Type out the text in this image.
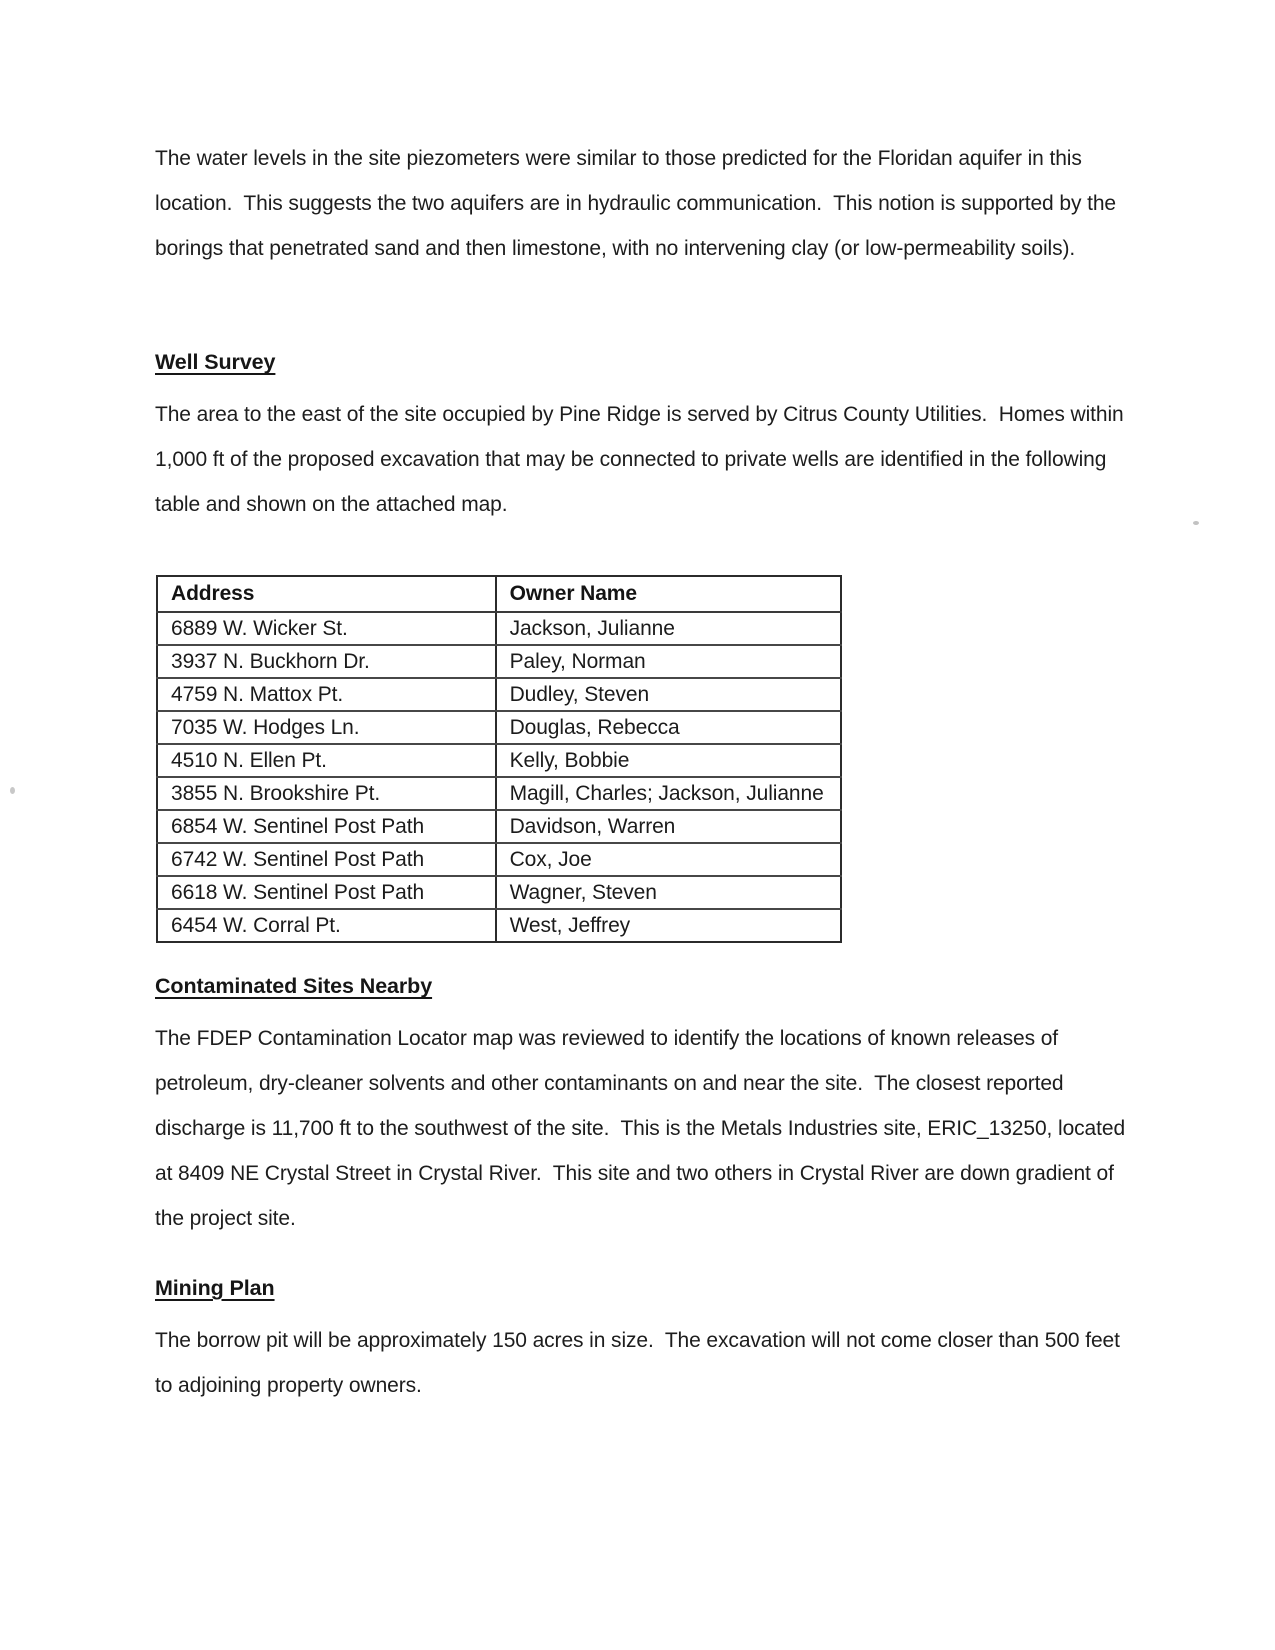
The water levels in the site piezometers were similar to those predicted for the Floridan aquifer in this location.  This suggests the two aquifers are in hydraulic communication.  This notion is supported by the borings that penetrated sand and then limestone, with no intervening clay (or low-permeability soils).

Well Survey

The area to the east of the site occupied by Pine Ridge is served by Citrus County Utilities.  Homes within 1,000 ft of the proposed excavation that may be connected to private wells are identified in the following table and shown on the attached map.

Address	Owner Name
6889 W. Wicker St.	Jackson, Julianne
3937 N. Buckhorn Dr.	Paley, Norman
4759 N. Mattox Pt.	Dudley, Steven
7035 W. Hodges Ln.	Douglas, Rebecca
4510 N. Ellen Pt.	Kelly, Bobbie
3855 N. Brookshire Pt.	Magill, Charles; Jackson, Julianne
6854 W. Sentinel Post Path	Davidson, Warren
6742 W. Sentinel Post Path	Cox, Joe
6618 W. Sentinel Post Path	Wagner, Steven
6454 W. Corral Pt.	West, Jeffrey
Contaminated Sites Nearby

The FDEP Contamination Locator map was reviewed to identify the locations of known releases of petroleum, dry-cleaner solvents and other contaminants on and near the site.  The closest reported discharge is 11,700 ft to the southwest of the site.  This is the Metals Industries site, ERIC_13250, located at 8409 NE Crystal Street in Crystal River.  This site and two others in Crystal River are down gradient of the project site.

Mining Plan

The borrow pit will be approximately 150 acres in size.  The excavation will not come closer than 500 feet to adjoining property owners.
